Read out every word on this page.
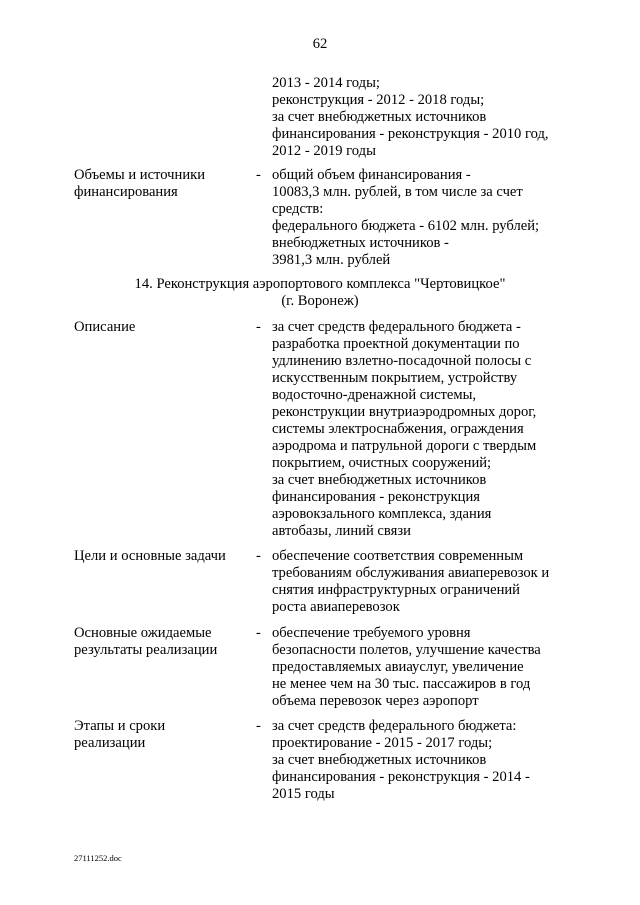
62
2013 - 2014 годы;
реконструкция - 2012 - 2018 годы;
за счет внебюджетных источников
финансирования - реконструкция - 2010 год,
2012 - 2019 годы
Объемы и источники
финансирования
- общий объем финансирования -
10083,3 млн. рублей, в том числе за счет
средств:
федерального бюджета - 6102 млн. рублей;
внебюджетных источников -
3981,3 млн. рублей
14. Реконструкция аэропортового комплекса "Чертовицкое"
(г. Воронеж)
Описание	- за счет средств федерального бюджета -
разработка проектной документации по
удлинению взлетно-посадочной полосы с
искусственным покрытием, устройству
водосточно-дренажной системы,
реконструкции внутриаэродромных дорог,
системы электроснабжения, ограждения
аэродрома и патрульной дороги с твердым
покрытием, очистных сооружений;
за счет внебюджетных источников
финансирования - реконструкция
аэровокзального комплекса, здания
автобазы, линий связи
Цели и основные задачи	- обеспечение соответствия современным
требованиям обслуживания авиаперевозок и
снятия инфраструктурных ограничений
роста авиаперевозок
Основные ожидаемые
результаты реализации
- обеспечение требуемого уровня
безопасности полетов, улучшение качества
предоставляемых авиауслуг, увеличение
не менее чем на 30 тыс. пассажиров в год
объема перевозок через аэропорт
Этапы и сроки
реализации
- за счет средств федерального бюджета:
проектирование - 2015 - 2017 годы;
за счет внебюджетных источников
финансирования - реконструкция - 2014 -
2015 годы
27111252.doc
